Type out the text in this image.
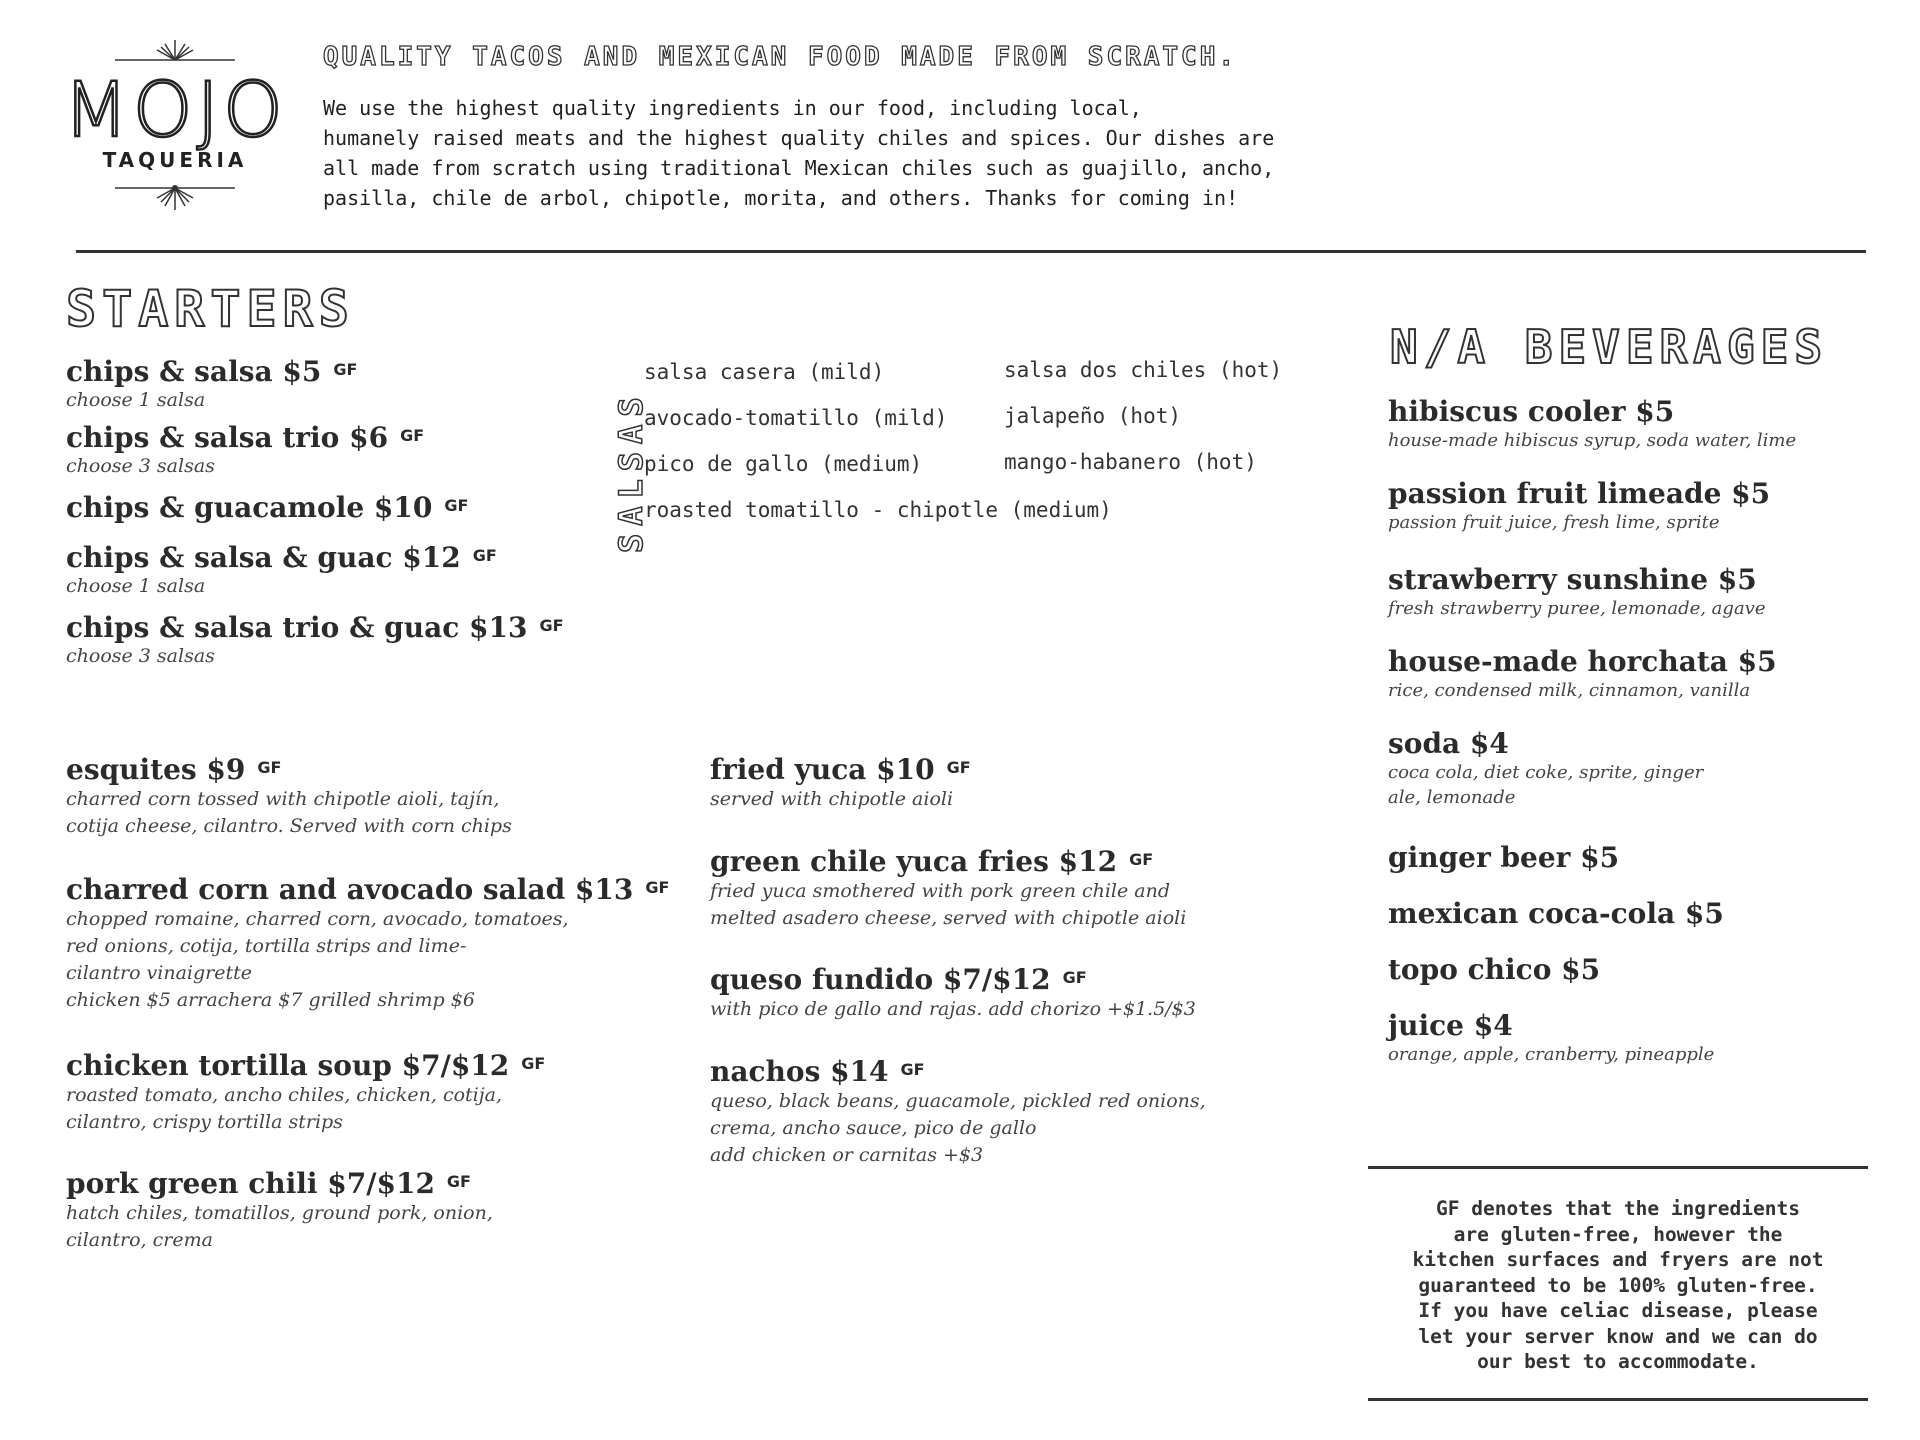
MOJO
TAQUERIA
QUALITY TACOS AND MEXICAN FOOD MADE FROM SCRATCH.
We use the highest quality ingredients in our food, including local,
humanely raised meats and the highest quality chiles and spices. Our dishes are
all made from scratch using traditional Mexican chiles such as guajillo, ancho,
pasilla, chile de arbol, chipotle, morita, and others. Thanks for coming in!
STARTERS
chips & salsa $5 $^{GF}$
choose 1 salsa
chips & salsa trio $6 $^{GF}$
choose 3 salsas
chips & guacamole $10 $^{GF}$
chips & salsa & guac $12 $^{GF}$
choose 1 salsa
chips & salsa trio & guac $13 $^{GF}$
choose 3 salsas
SALSAS
salsa casera (mild)
avocado-tomatillo (mild)
pico de gallo (medium)
roasted tomatillo - chipotle (medium)
salsa dos chiles (hot)
jalapeño (hot)
mango-habanero (hot)
esquites $9 $^{GF}$
charred corn tossed with chipotle aioli, tajín,
cotija cheese, cilantro. Served with corn chips
charred corn and avocado salad $13 $^{GF}$
chopped romaine, charred corn, avocado, tomatoes,
red onions, cotija, tortilla strips and lime-
cilantro vinaigrette
chicken $5 arrachera $7 grilled shrimp $6
chicken tortilla soup $7/$12 $^{GF}$
roasted tomato, ancho chiles, chicken, cotija,
cilantro, crispy tortilla strips
pork green chili $7/$12 $^{GF}$
hatch chiles, tomatillos, ground pork, onion,
cilantro, crema
fried yuca $10 $^{GF}$
served with chipotle aioli
green chile yuca fries $12 $^{GF}$
fried yuca smothered with pork green chile and
melted asadero cheese, served with chipotle aioli
queso fundido $7/$12 $^{GF}$
with pico de gallo and rajas. add chorizo +$1.5/$3
nachos $14 $^{GF}$
queso, black beans, guacamole, pickled red onions,
crema, ancho sauce, pico de gallo
add chicken or carnitas +$3
N/A BEVERAGES
hibiscus cooler $5
house-made hibiscus syrup, soda water, lime
passion fruit limeade $5
passion fruit juice, fresh lime, sprite
strawberry sunshine $5
fresh strawberry puree, lemonade, agave
house-made horchata $5
rice, condensed milk, cinnamon, vanilla
soda $4
coca cola, diet coke, sprite, ginger
ale, lemonade
ginger beer $5
mexican coca-cola $5
topo chico $5
juice $4
orange, apple, cranberry, pineapple
GF denotes that the ingredients
are gluten-free, however the
kitchen surfaces and fryers are not
guaranteed to be 100% gluten-free.
If you have celiac disease, please
let your server know and we can do
our best to accommodate.
